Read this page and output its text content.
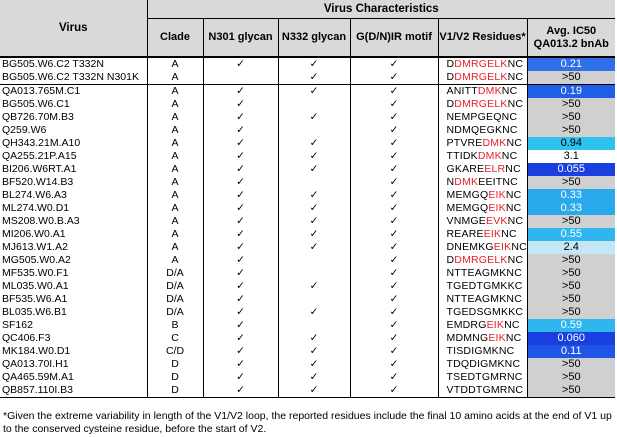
Virus	Virus Characteristics					
	Clade	N301 glycan	N332 glycan	G(D/N)IR motif	V1/V2 Residues*	Avg. IC50 QA013.2 bnAb
BG505.W6.C2 T332N	A	✓	✓	✓	DDMRGELKNC	0.21
BG505.W6.C2 T332N N301K	A		✓	✓	DDMRGELKNC	>50
QA013.765M.C1	A	✓	✓	✓	ANITTDMKNC	0.19
BG505.W6.C1	A	✓		✓	DDMRGELKNC	>50
QB726.70M.B3	A	✓	✓	✓	NEMPGEQNC	>50
Q259.W6	A	✓		✓	NDMQEGKNC	>50
QH343.21M.A10	A	✓	✓	✓	PTVREDMKNC	0.94
QA255.21P.A15	A	✓	✓	✓	TTIDKDMKNC	3.1
BI206.W6RT.A1	A	✓	✓	✓	GKAREELRNC	0.055
BF520.W14.B3	A	✓		✓	NDMKEEITNC	>50
BL274.W6.A3	A	✓	✓	✓	MEMGQEIKNC	0.33
ML274.W0.D1	A	✓	✓	✓	MEMGQEIKNC	0.33
MS208.W0.B.A3	A	✓	✓	✓	VNMGEEVKNC	>50
MI206.W0.A1	A	✓	✓	✓	REAREEIKNC	0.55
MJ613.W1.A2	A	✓	✓	✓	DNEMKGEIKNC	2.4
MG505.W0.A2	A	✓		✓	DDMRGELKNC	>50
MF535.W0.F1	D/A	✓		✓	NTTEAGMKNC	>50
ML035.W0.A1	D/A	✓	✓	✓	TGEDTGMKKC	>50
BF535.W6.A1	D/A	✓		✓	NTTEAGMKNC	>50
BL035.W6.B1	D/A	✓	✓	✓	TGEDSGMKKC	>50
SF162	B	✓		✓	EMDRGEIKNC	0.59
QC406.F3	C	✓	✓	✓	MDMNGEIKNC	0.060
MK184.W0.D1	C/D	✓	✓	✓	TISDIGMKNC	0.11
QA013.70I.H1	D	✓	✓	✓	TDQDIGMKNC	>50
QA465.59M.A1	D	✓	✓	✓	TSEDTGMRNC	>50
QB857.110I.B3	D	✓	✓	✓	VTDDTGMRNC	>50
*Given the extreme variability in length of the V1/V2 loop, the reported residues include the final 10 amino acids at the end of V1 up to the conserved cysteine residue, before the start of V2.
